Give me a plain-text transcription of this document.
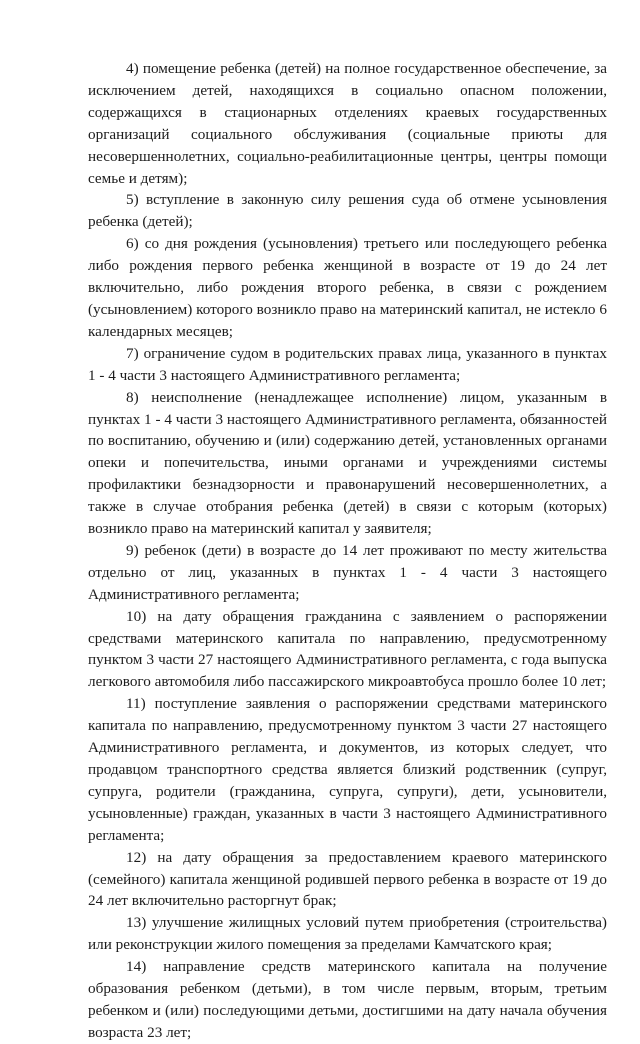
4) помещение ребенка (детей) на полное государственное обеспечение, за исключением детей, находящихся в социально опасном положении, содержащихся в стационарных отделениях краевых государственных организаций социального обслуживания (социальные приюты для несовершеннолетних, социально-реабилитационные центры, центры помощи семье и детям);

5) вступление в законную силу решения суда об отмене усыновления ребенка (детей);

6) со дня рождения (усыновления) третьего или последующего ребенка либо рождения первого ребенка женщиной в возрасте от 19 до 24 лет включительно, либо рождения второго ребенка, в связи с рождением (усыновлением) которого возникло право на материнский капитал, не истекло 6 календарных месяцев;

7) ограничение судом в родительских правах лица, указанного в пунктах 1 - 4 части 3 настоящего Административного регламента;

8) неисполнение (ненадлежащее исполнение) лицом, указанным в пунктах 1 - 4 части 3 настоящего Административного регламента, обязанностей по воспитанию, обучению и (или) содержанию детей, установленных органами опеки и попечительства, иными органами и учреждениями системы профилактики безнадзорности и правонарушений несовершеннолетних, а также в случае отобрания ребенка (детей) в связи с которым (которых) возникло право на материнский капитал у заявителя;

9) ребенок (дети) в возрасте до 14 лет проживают по месту жительства отдельно от лиц, указанных в пунктах 1 - 4 части 3 настоящего Административного регламента;

10) на дату обращения гражданина с заявлением о распоряжении средствами материнского капитала по направлению, предусмотренному пунктом 3 части 27 настоящего Административного регламента, с года выпуска легкового автомобиля либо пассажирского микроавтобуса прошло более 10 лет;

11) поступление заявления о распоряжении средствами материнского капитала по направлению, предусмотренному пунктом 3 части 27 настоящего Административного регламента, и документов, из которых следует, что продавцом транспортного средства является близкий родственник (супруг, супруга, родители (гражданина, супруга, супруги), дети, усыновители, усыновленные) граждан, указанных в части 3 настоящего Административного регламента;

12) на дату обращения за предоставлением краевого материнского (семейного) капитала женщиной родившей первого ребенка в возрасте от 19 до 24 лет включительно расторгнут брак;

13) улучшение жилищных условий путем приобретения (строительства) или реконструкции жилого помещения за пределами Камчатского края;

14) направление средств материнского капитала на получение образования ребенком (детьми), в том числе первым, вторым, третьим ребенком и (или) последующими детьми, достигшими на дату начала обучения возраста 23 лет;
